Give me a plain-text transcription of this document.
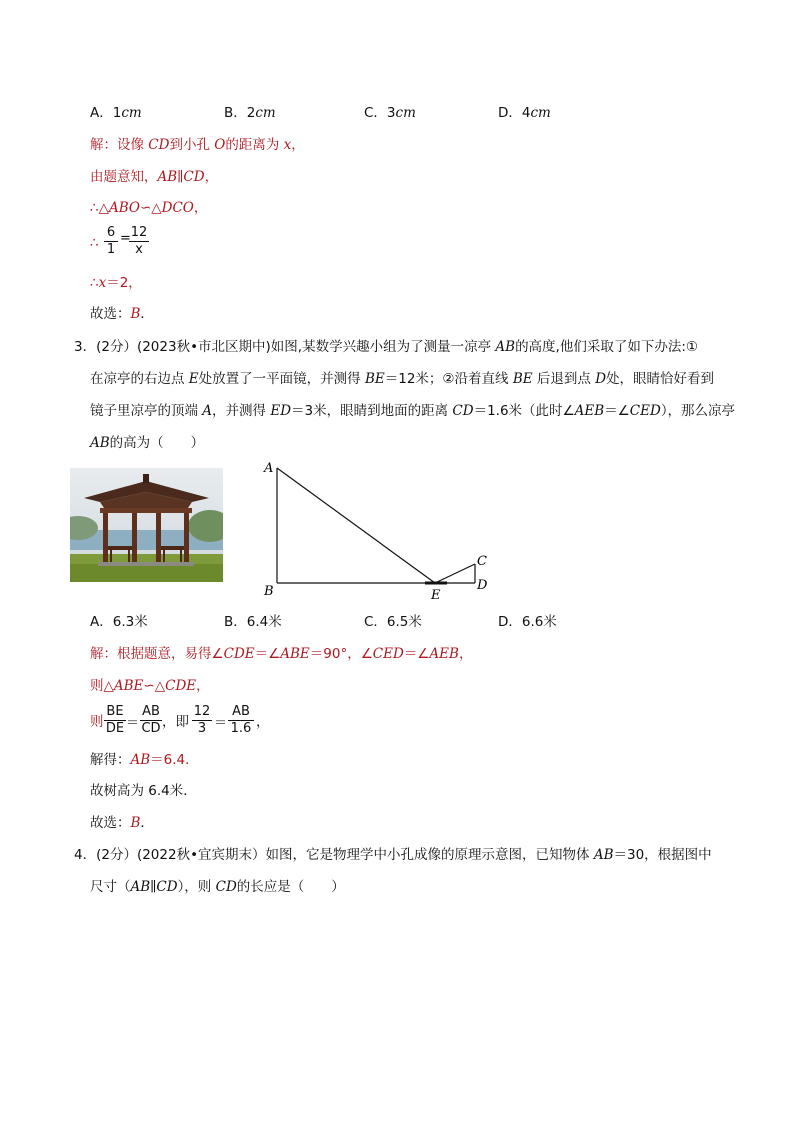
A．1cm	B．2cm	C．3cm	D．4cm
解：设像 CD到小孔 O的距离为 x，
由题意知，AB∥CD，
∴△ABO∽△DCO，
∴ $\frac{6}{1}$ =
$\frac{12}{x}$
∴x＝2，
故选：B．
3．(2分）(2023秋•市北区期中)如图,某数学兴趣小组为了测量一凉亭 AB的高度,他们采取了如下办法:①
在凉亭的右边点 E处放置了一平面镜，并测得 BE＝12米；②沿着直线 BE 后退到点 D处，眼睛恰好看到
镜子里凉亭的顶端 A，并测得 ED＝3米，眼睛到地面的距离 CD＝1.6米（此时∠AEB＝∠CED），那么凉亭
AB的高为（　　）
A
B
C
D
E
A．6.3米	B．6.4米	C．6.5米	D．6.6米
解：根据题意，易得∠CDE＝∠ABE＝90°，∠CED＝∠AEB，
则△ABE∽△CDE，
则 $\frac{BE}{DE} = \frac{AB}{CD}$ ，即 $\frac{12}{3} = \frac{AB}{1.6}$ ，
解得：AB＝6.4．
故树高为 6.4米．
故选：B．
4．(2分）(2022秋•宜宾期末）如图，它是物理学中小孔成像的原理示意图，已知物体 AB＝30，根据图中
尺寸（AB∥CD），则 CD的长应是（　　）
